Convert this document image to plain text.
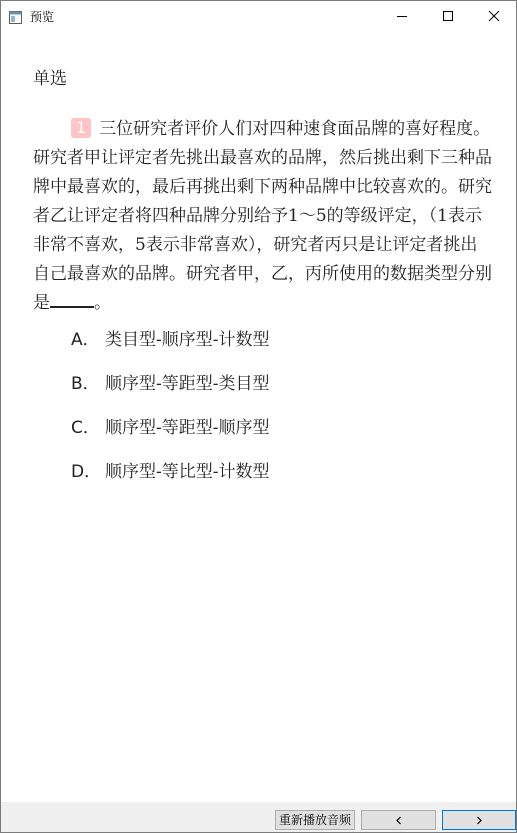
预览
单选
1 三位研究者评价人们对四种速食面品牌的喜好程度。研究者甲让评定者先挑出最喜欢的品牌，然后挑出剩下三种品牌中最喜欢的，最后再挑出剩下两种品牌中比较喜欢的。研究者乙让评定者将四种品牌分别给予1～5的等级评定，（1表示非常不喜欢，5表示非常喜欢），研究者丙只是让评定者挑出自己最喜欢的品牌。研究者甲，乙，丙所使用的数据类型分别是	。
A． 类目型-顺序型-计数型
B． 顺序型-等距型-类目型
C． 顺序型-等距型-顺序型
D． 顺序型-等比型-计数型
重新播放音频
